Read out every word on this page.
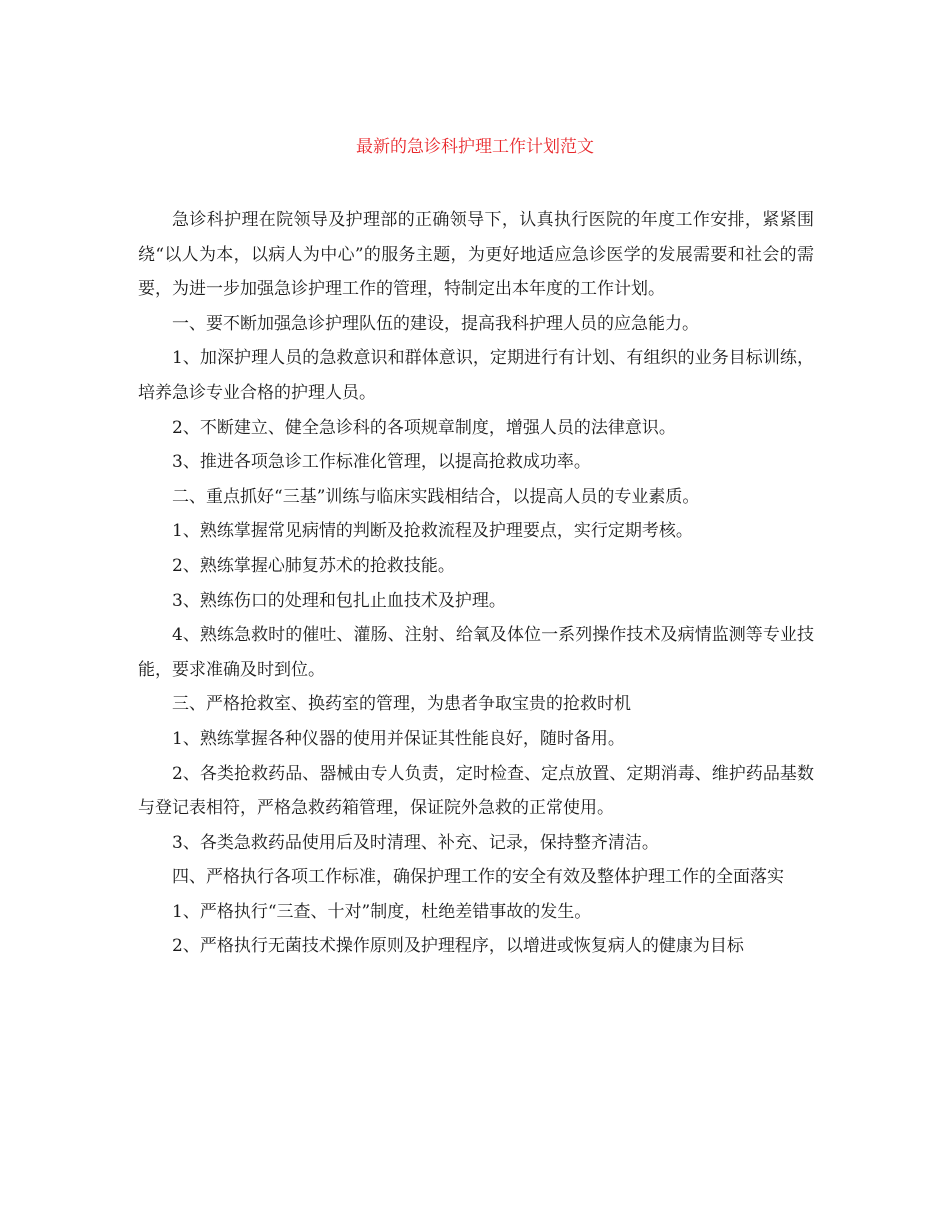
最新的急诊科护理工作计划范文

急诊科护理在院领导及护理部的正确领导下，认真执行医院的年度工作安排，紧紧围绕“以人为本，以病人为中心”的服务主题，为更好地适应急诊医学的发展需要和社会的需要，为进一步加强急诊护理工作的管理，特制定出本年度的工作计划。

一、要不断加强急诊护理队伍的建设，提高我科护理人员的应急能力。

1、加深护理人员的急救意识和群体意识，定期进行有计划、有组织的业务目标训练，培养急诊专业合格的护理人员。

2、不断建立、健全急诊科的各项规章制度，增强人员的法律意识。

3、推进各项急诊工作标准化管理，以提高抢救成功率。

二、重点抓好“三基”训练与临床实践相结合，以提高人员的专业素质。

1、熟练掌握常见病情的判断及抢救流程及护理要点，实行定期考核。

2、熟练掌握心肺复苏术的抢救技能。

3、熟练伤口的处理和包扎止血技术及护理。

4、熟练急救时的催吐、灌肠、注射、给氧及体位一系列操作技术及病情监测等专业技能，要求准确及时到位。

三、严格抢救室、换药室的管理，为患者争取宝贵的抢救时机

1、熟练掌握各种仪器的使用并保证其性能良好，随时备用。

2、各类抢救药品、器械由专人负责，定时检查、定点放置、定期消毒、维护药品基数与登记表相符，严格急救药箱管理，保证院外急救的正常使用。

3、各类急救药品使用后及时清理、补充、记录，保持整齐清洁。

四、严格执行各项工作标准，确保护理工作的安全有效及整体护理工作的全面落实

1、严格执行“三查、十对”制度，杜绝差错事故的发生。

2、严格执行无菌技术操作原则及护理程序，以增进或恢复病人的健康为目标
